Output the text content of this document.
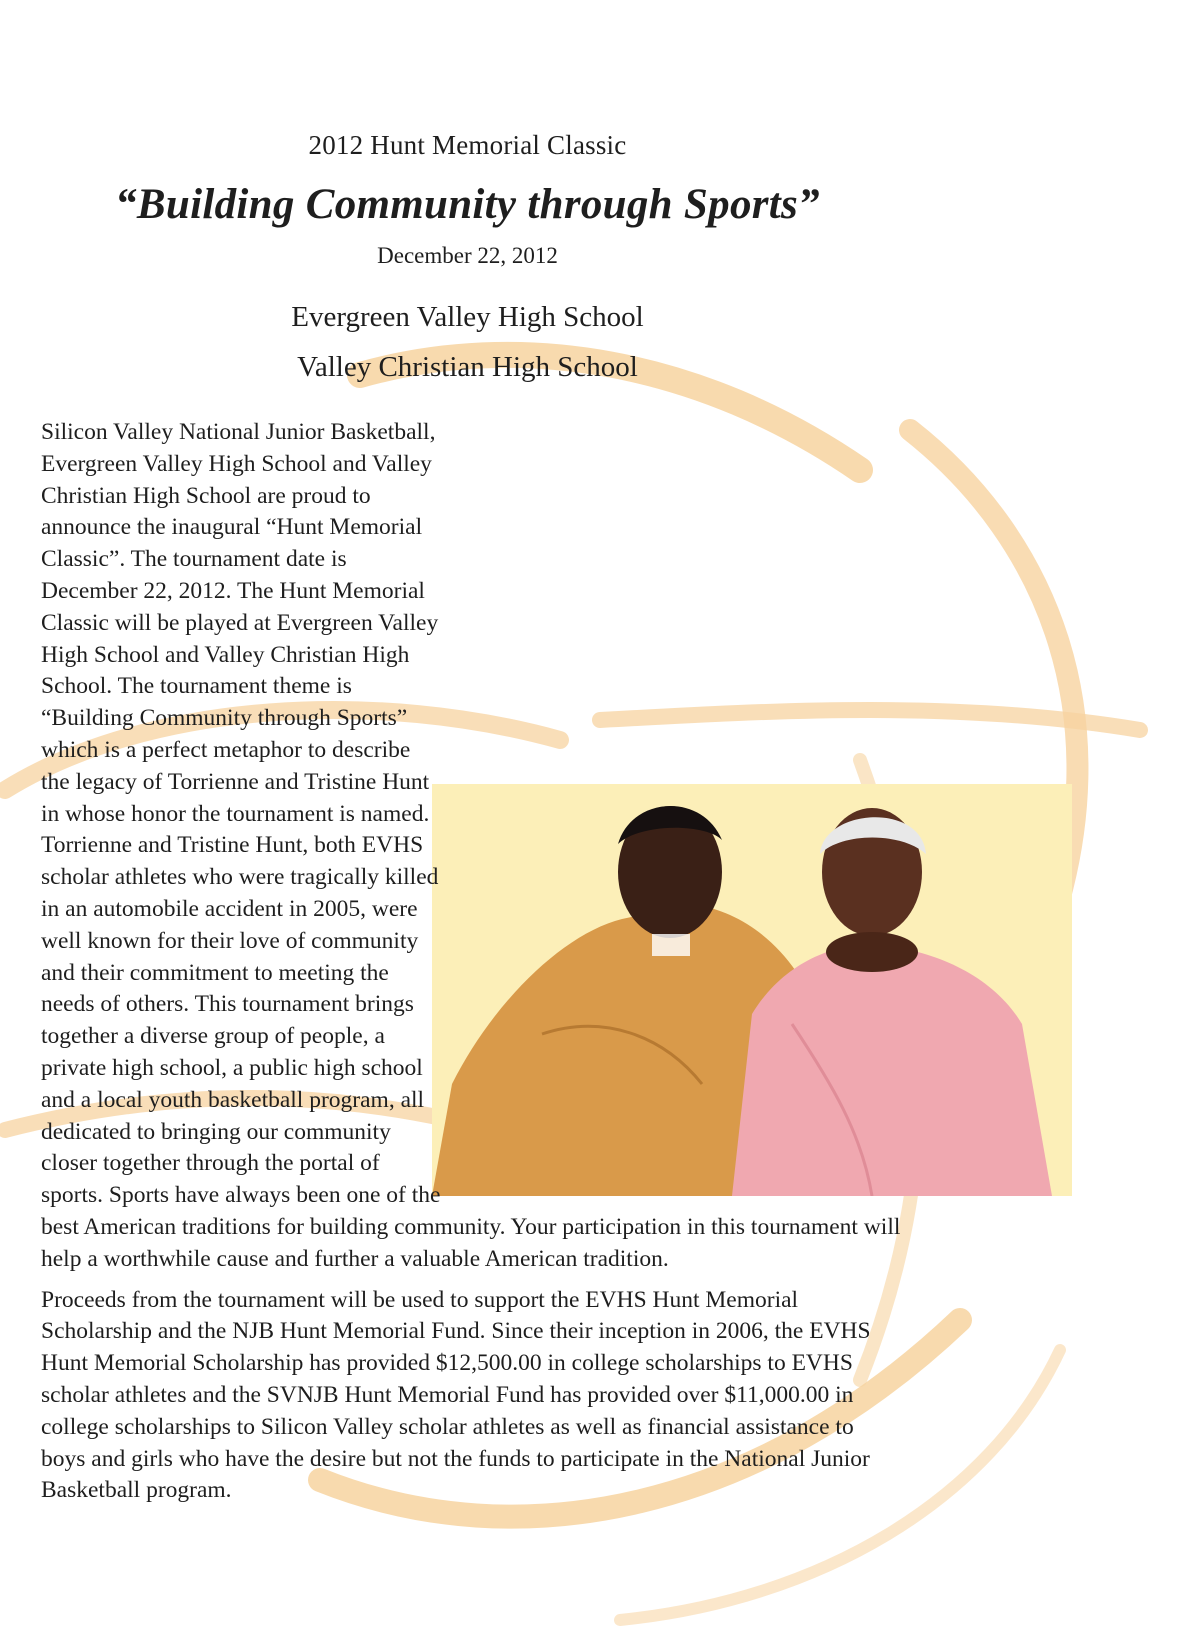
2012 Hunt Memorial Classic
“Building Community through Sports”
December 22, 2012
Evergreen Valley High School
Valley Christian High School

Silicon Valley National Junior Basketball, Evergreen Valley High School and Valley Christian High School are proud to announce the inaugural “Hunt Memorial Classic”. The tournament date is December 22, 2012. The Hunt Memorial Classic will be played at Evergreen Valley High School and Valley Christian High School. The tournament theme is “Building Community through Sports” which is a perfect metaphor to describe the legacy of Torrienne and Tristine Hunt in whose honor the tournament is named. Torrienne and Tristine Hunt, both EVHS scholar athletes who were tragically killed in an automobile accident in 2005, were well known for their love of community and their commitment to meeting the needs of others. This tournament brings together a diverse group of people, a private high school, a public high school and a local youth basketball program, all dedicated to bringing our community closer together through the portal of sports. Sports have always been one of the best American traditions for building community. Your participation in this tournament will help a worthwhile cause and further a valuable American tradition.

Proceeds from the tournament will be used to support the EVHS Hunt Memorial Scholarship and the NJB Hunt Memorial Fund. Since their inception in 2006, the EVHS Hunt Memorial Scholarship has provided $12,500.00 in college scholarships to EVHS scholar athletes and the SVNJB Hunt Memorial Fund has provided over $11,000.00 in college scholarships to Silicon Valley scholar athletes as well as financial assistance to boys and girls who have the desire but not the funds to participate in the National Junior Basketball program.
